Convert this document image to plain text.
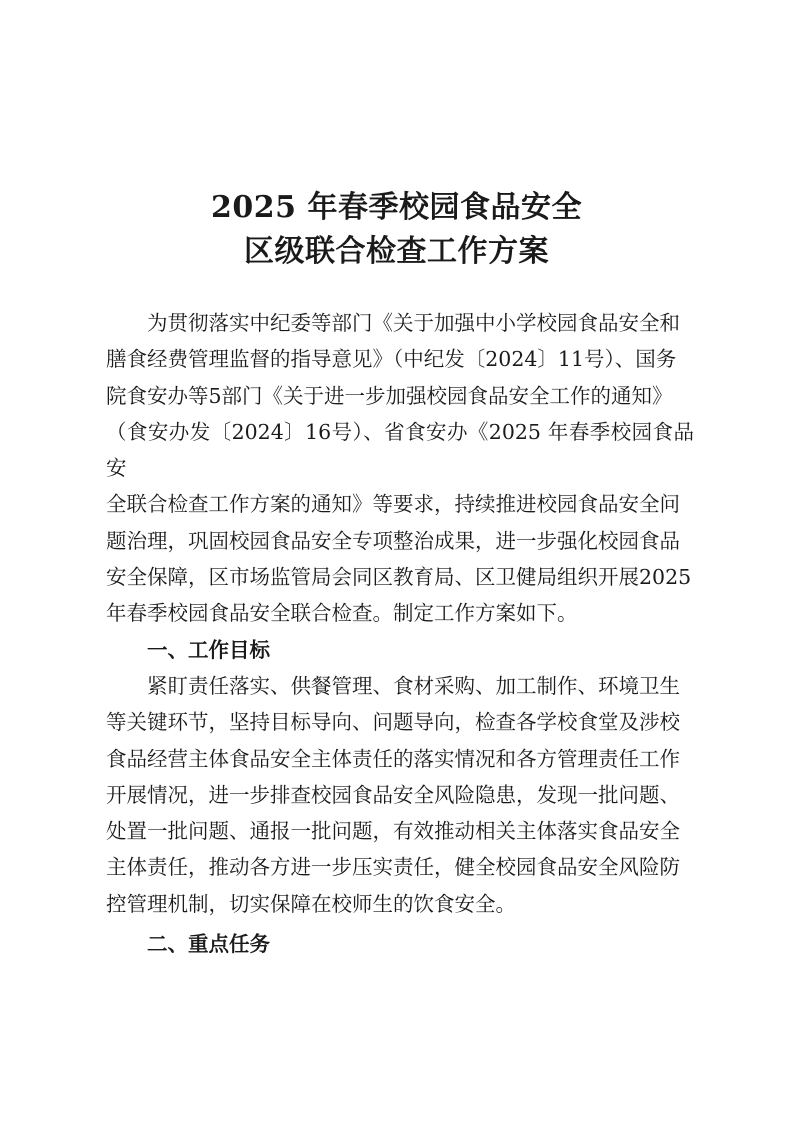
2025 年春季校园食品安全
区级联合检查工作方案
为贯彻落实中纪委等部门《关于加强中小学校园食品安全和
膳食经费管理监督的指导意见》（中纪发〔2024〕11号）、国务
院食安办等5部门《关于进一步加强校园食品安全工作的通知》
（食安办发〔2024〕16号）、省食安办《2025 年春季校园食品安
全联合检查工作方案的通知》等要求，持续推进校园食品安全问
题治理，巩固校园食品安全专项整治成果，进一步强化校园食品
安全保障，区市场监管局会同区教育局、区卫健局组织开展2025
年春季校园食品安全联合检查。制定工作方案如下。
一、工作目标
紧盯责任落实、供餐管理、食材采购、加工制作、环境卫生
等关键环节，坚持目标导向、问题导向，检查各学校食堂及涉校
食品经营主体食品安全主体责任的落实情况和各方管理责任工作
开展情况，进一步排查校园食品安全风险隐患，发现一批问题、
处置一批问题、通报一批问题，有效推动相关主体落实食品安全
主体责任，推动各方进一步压实责任，健全校园食品安全风险防
控管理机制，切实保障在校师生的饮食安全。
二、重点任务
